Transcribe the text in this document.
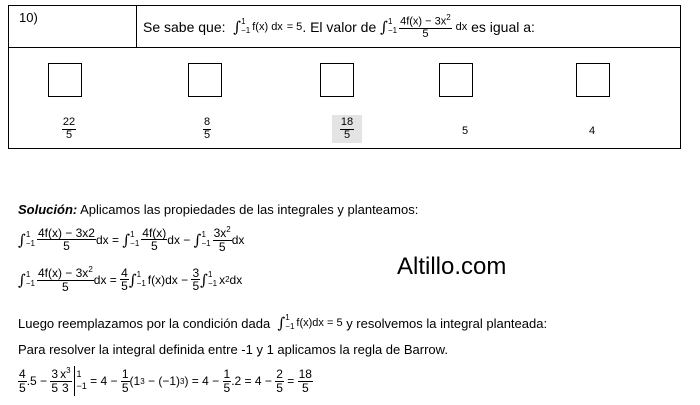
10)
Se sabe que:
∫ 1
−1 f(x) dx
= 5 . El valor de
∫ 1
$-1 \frac{4f(x) - 3x^2}{5}$
dx
es igual a:
$\frac{22}{5}$	$\frac{8}{5}$	$\frac{18}{5}$	5	4
Solución: Aplicamos las propiedades de las integrales y planteamos:
∫ 1
$-1 \frac{4f(x) - 3x2}{5}$ dx = ∫ 1
$-1 \frac{4f(x)}{5}$ dx − ∫ 1
$-1 \frac{3x^2}{5}$ dx
∫ 1
$-1 \frac{4f(x) - 3x^2}{5}$ dx = $\frac{4}{5}$ ∫ 1
−1 $f(x)dx - \frac{3}{5}$ ∫ 1
−1 x 2 dx	Altillo.com
Luego reemplazamos por la condición dada
∫ 1
−1 f(x)dx = 5
y resolvemos la integral planteada:
Para resolver la integral definida entre -1 y 1 aplicamos la regla de Barrow.
$\frac{4}{5} .5$ −
$\frac{3}{5} \frac{x^3}{3} 1$
−1
= 4 −
$\frac{1}{5} (1$ 3
− (−1) 3 ) = 4 −
$\frac{1}{5} .2 = 4$ −
$\frac{2}{5}$
=
$\frac{18}{5}$
